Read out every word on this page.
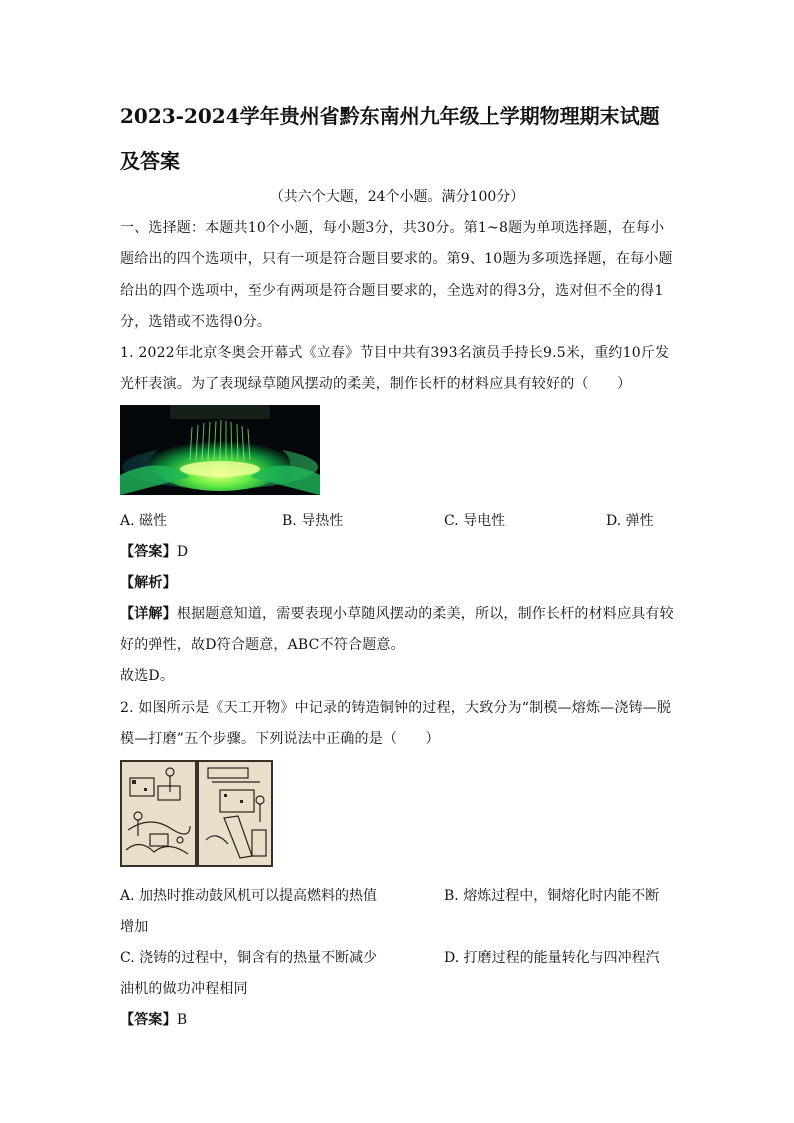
2023-2024学年贵州省黔东南州九年级上学期物理期末试题
及答案
（共六个大题，24个小题。满分100分）
一、选择题：本题共10个小题，每小题3分，共30分。第1~8题为单项选择题，在每小
题给出的四个选项中，只有一项是符合题目要求的。第9、10题为多项选择题，在每小题
给出的四个选项中，至少有两项是符合题目要求的，全选对的得3分，选对但不全的得1
分，选错或不选得0分。
1. 2022年北京冬奥会开幕式《立春》节目中共有393名演员手持长9.5米，重约10斤发
光杆表演。为了表现绿草随风摆动的柔美，制作长杆的材料应具有较好的（　　）
A. 磁性	B. 导热性	C. 导电性	D. 弹性
【答案】D
【解析】
【详解】根据题意知道，需要表现小草随风摆动的柔美，所以，制作长杆的材料应具有较
好的弹性，故D符合题意，ABC不符合题意。
故选D。
2. 如图所示是《天工开物》中记录的铸造铜钟的过程，大致分为“制模—熔炼—浇铸—脱
模—打磨”五个步骤。下列说法中正确的是（　　）
A. 加热时推动鼓风机可以提高燃料的热值	B. 熔炼过程中，铜熔化时内能不断
增加
C. 浇铸的过程中，铜含有的热量不断减少	D. 打磨过程的能量转化与四冲程汽
油机的做功冲程相同
【答案】B
